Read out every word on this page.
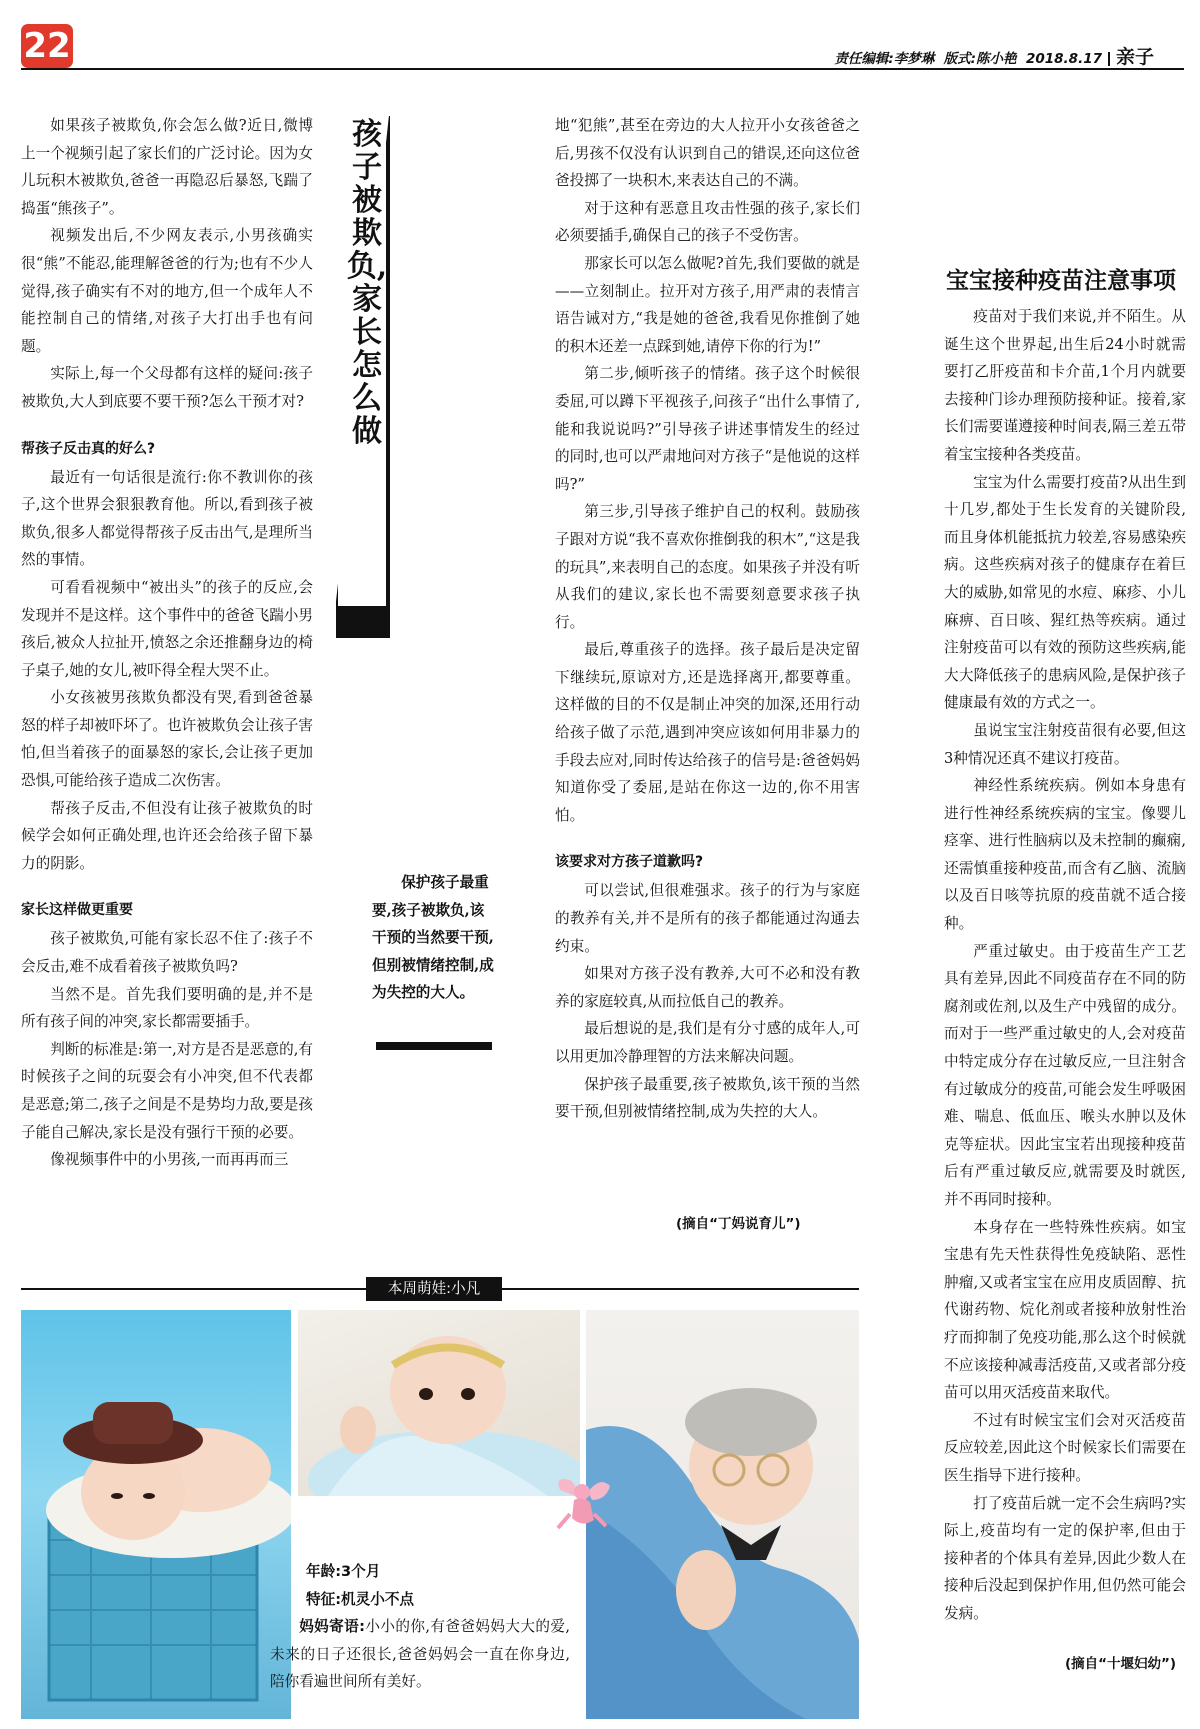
22	责任编辑:李梦琳 版式:陈小艳 2018.8.17 亲子

如果孩子被欺负,你会怎么做?近日,微博上一个视频引起了家长们的广泛讨论。因为女儿玩积木被欺负,爸爸一再隐忍后暴怒,飞踹了捣蛋“熊孩子”。

视频发出后,不少网友表示,小男孩确实很“熊”不能忍,能理解爸爸的行为;也有不少人觉得,孩子确实有不对的地方,但一个成年人不能控制自己的情绪,对孩子大打出手也有问题。

实际上,每一个父母都有这样的疑问:孩子被欺负,大人到底要不要干预?怎么干预才对?

帮孩子反击真的好么?

最近有一句话很是流行:你不教训你的孩子,这个世界会狠狠教育他。所以,看到孩子被欺负,很多人都觉得帮孩子反击出气,是理所当然的事情。

可看看视频中“被出头”的孩子的反应,会发现并不是这样。这个事件中的爸爸飞踹小男孩后,被众人拉扯开,愤怒之余还推翻身边的椅子桌子,她的女儿,被吓得全程大哭不止。

小女孩被男孩欺负都没有哭,看到爸爸暴怒的样子却被吓坏了。也许被欺负会让孩子害怕,但当着孩子的面暴怒的家长,会让孩子更加恐惧,可能给孩子造成二次伤害。

帮孩子反击,不但没有让孩子被欺负的时候学会如何正确处理,也许还会给孩子留下暴力的阴影。

家长这样做更重要

孩子被欺负,可能有家长忍不住了:孩子不会反击,难不成看着孩子被欺负吗?

当然不是。首先我们要明确的是,并不是所有孩子间的冲突,家长都需要插手。

判断的标准是:第一,对方是否是恶意的,有时候孩子之间的玩耍会有小冲突,但不代表都是恶意;第二,孩子之间是不是势均力敌,要是孩子能自己解决,家长是没有强行干预的必要。

像视频事件中的小男孩,一而再再而三

孩子被欺负,家长怎么做
保护孩子最重要,孩子被欺负,该干预的当然要干预,但别被情绪控制,成为失控的大人。

地“犯熊”,甚至在旁边的大人拉开小女孩爸爸之后,男孩不仅没有认识到自己的错误,还向这位爸爸投掷了一块积木,来表达自己的不满。

对于这种有恶意且攻击性强的孩子,家长们必须要插手,确保自己的孩子不受伤害。

那家长可以怎么做呢?首先,我们要做的就是——立刻制止。拉开对方孩子,用严肃的表情言语告诫对方,“我是她的爸爸,我看见你推倒了她的积木还差一点踩到她,请停下你的行为!”

第二步,倾听孩子的情绪。孩子这个时候很委屈,可以蹲下平视孩子,问孩子“出什么事情了,能和我说说吗?”引导孩子讲述事情发生的经过的同时,也可以严肃地问对方孩子“是他说的这样吗?”

第三步,引导孩子维护自己的权利。鼓励孩子跟对方说“我不喜欢你推倒我的积木”,“这是我的玩具”,来表明自己的态度。如果孩子并没有听从我们的建议,家长也不需要刻意要求孩子执行。

最后,尊重孩子的选择。孩子最后是决定留下继续玩,原谅对方,还是选择离开,都要尊重。这样做的目的不仅是制止冲突的加深,还用行动给孩子做了示范,遇到冲突应该如何用非暴力的手段去应对,同时传达给孩子的信号是:爸爸妈妈知道你受了委屈,是站在你这一边的,你不用害怕。

该要求对方孩子道歉吗?

可以尝试,但很难强求。孩子的行为与家庭的教养有关,并不是所有的孩子都能通过沟通去约束。

如果对方孩子没有教养,大可不必和没有教养的家庭较真,从而拉低自己的教养。

最后想说的是,我们是有分寸感的成年人,可以用更加冷静理智的方法来解决问题。

保护孩子最重要,孩子被欺负,该干预的当然要干预,但别被情绪控制,成为失控的大人。

(摘自“丁妈说育儿”)
宝宝接种疫苗注意事项

疫苗对于我们来说,并不陌生。从诞生这个世界起,出生后24小时就需要打乙肝疫苗和卡介苗,1个月内就要去接种门诊办理预防接种证。接着,家长们需要谨遵接种时间表,隔三差五带着宝宝接种各类疫苗。

宝宝为什么需要打疫苗?从出生到十几岁,都处于生长发育的关键阶段,而且身体机能抵抗力较差,容易感染疾病。这些疾病对孩子的健康存在着巨大的威胁,如常见的水痘、麻疹、小儿麻痹、百日咳、猩红热等疾病。通过注射疫苗可以有效的预防这些疾病,能大大降低孩子的患病风险,是保护孩子健康最有效的方式之一。

虽说宝宝注射疫苗很有必要,但这3种情况还真不建议打疫苗。

神经性系统疾病。例如本身患有进行性神经系统疾病的宝宝。像婴儿痉挛、进行性脑病以及未控制的癫痫,还需慎重接种疫苗,而含有乙脑、流脑以及百日咳等抗原的疫苗就不适合接种。

严重过敏史。由于疫苗生产工艺具有差异,因此不同疫苗存在不同的防腐剂或佐剂,以及生产中残留的成分。而对于一些严重过敏史的人,会对疫苗中特定成分存在过敏反应,一旦注射含有过敏成分的疫苗,可能会发生呼吸困难、喘息、低血压、喉头水肿以及休克等症状。因此宝宝若出现接种疫苗后有严重过敏反应,就需要及时就医,并不再同时接种。

本身存在一些特殊性疾病。如宝宝患有先天性获得性免疫缺陷、恶性肿瘤,又或者宝宝在应用皮质固醇、抗代谢药物、烷化剂或者接种放射性治疗而抑制了免疫功能,那么这个时候就不应该接种减毒活疫苗,又或者部分疫苗可以用灭活疫苗来取代。

不过有时候宝宝们会对灭活疫苗反应较差,因此这个时候家长们需要在医生指导下进行接种。

打了疫苗后就一定不会生病吗?实际上,疫苗均有一定的保护率,但由于接种者的个体具有差异,因此少数人在接种后没起到保护作用,但仍然可能会发病。

(摘自“十堰妇幼”)
本周萌娃:小凡
年龄:3个月
特征:机灵小不点
妈妈寄语:小小的你,有爸爸妈妈大大的爱,未来的日子还很长,爸爸妈妈会一直在你身边,陪你看遍世间所有美好。
